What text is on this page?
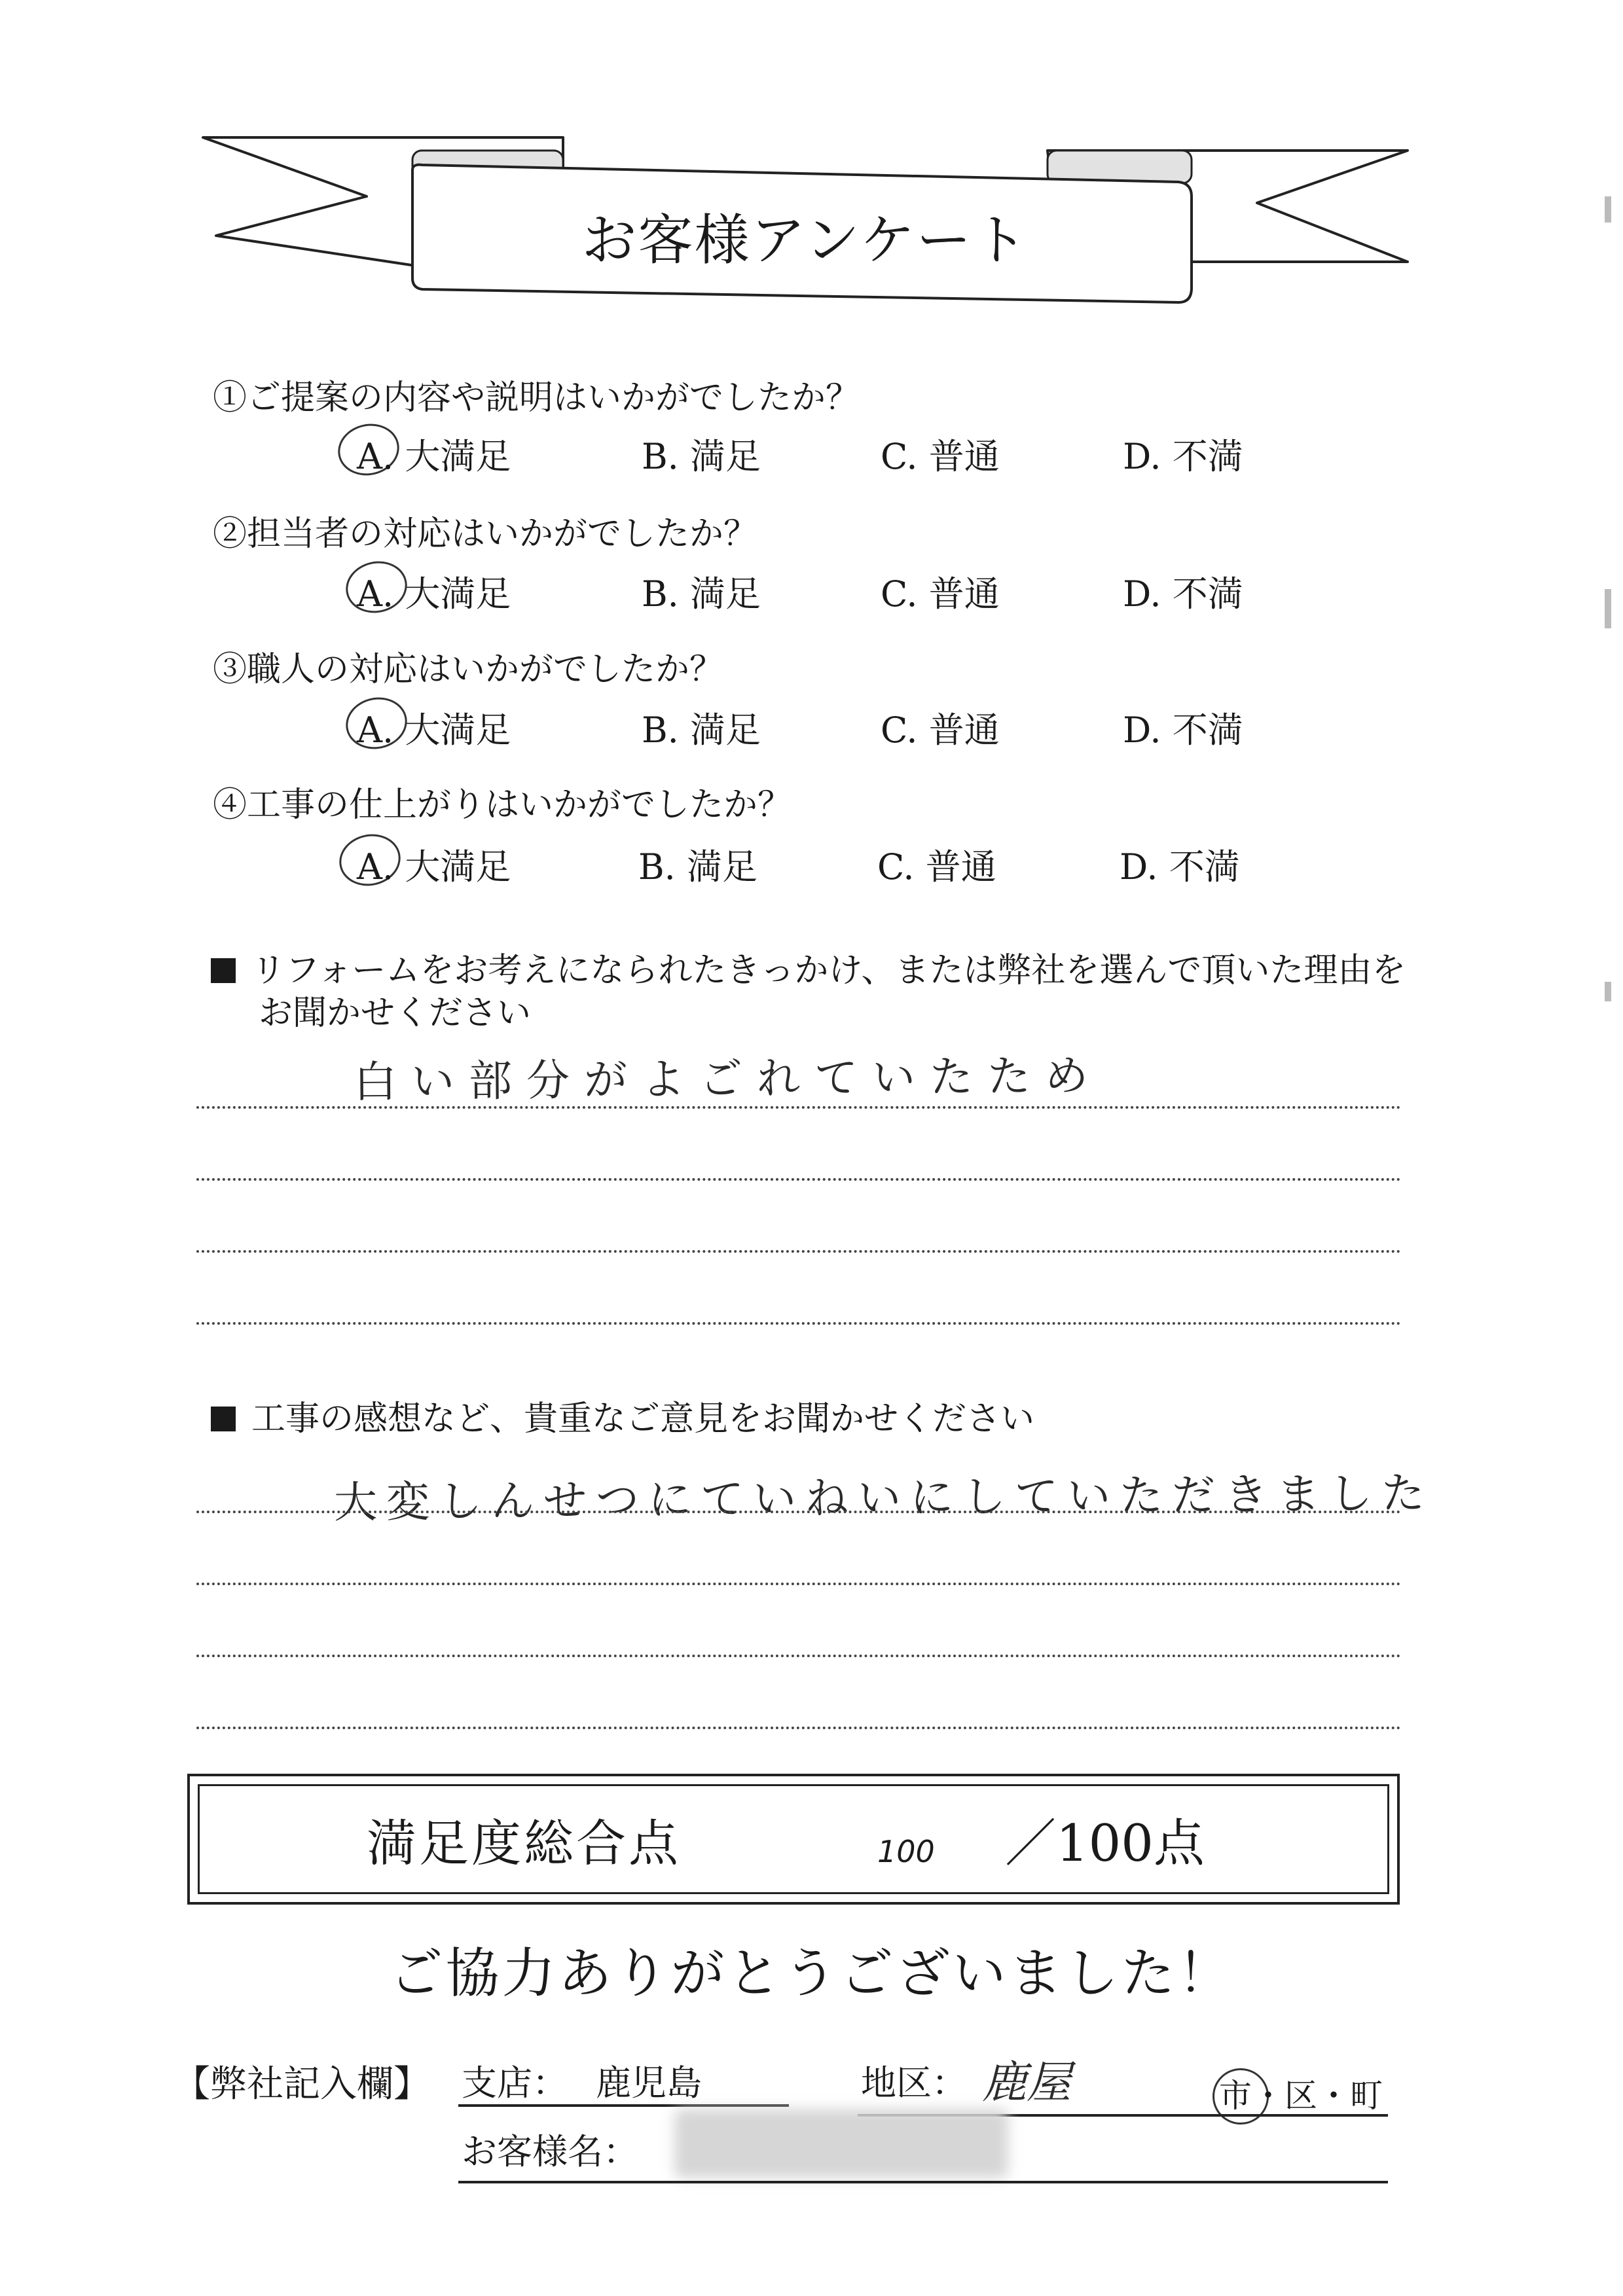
お客様アンケート
①ご提案の内容や説明はいかがでしたか？
A. 大満足	B. 満足	C. 普通	D. 不満
②担当者の対応はいかがでしたか？
A. 大満足	B. 満足	C. 普通	D. 不満
③職人の対応はいかがでしたか？
A. 大満足	B. 満足	C. 普通	D. 不満
④工事の仕上がりはいかがでしたか？
A. 大満足	B. 満足	C. 普通	D. 不満
リフォームをお考えになられたきっかけ、または弊社を選んで頂いた理由を
お聞かせください
白い部分がよごれていたため
工事の感想など、貴重なご意見をお聞かせください
大変しんせつにていねいにしていただきました
満足度総合点	100 ／100点
ご協力ありがとうございました！
【弊社記入欄】 支店： 鹿児島	地区： 鹿屋	市・区・町
お客様名：
